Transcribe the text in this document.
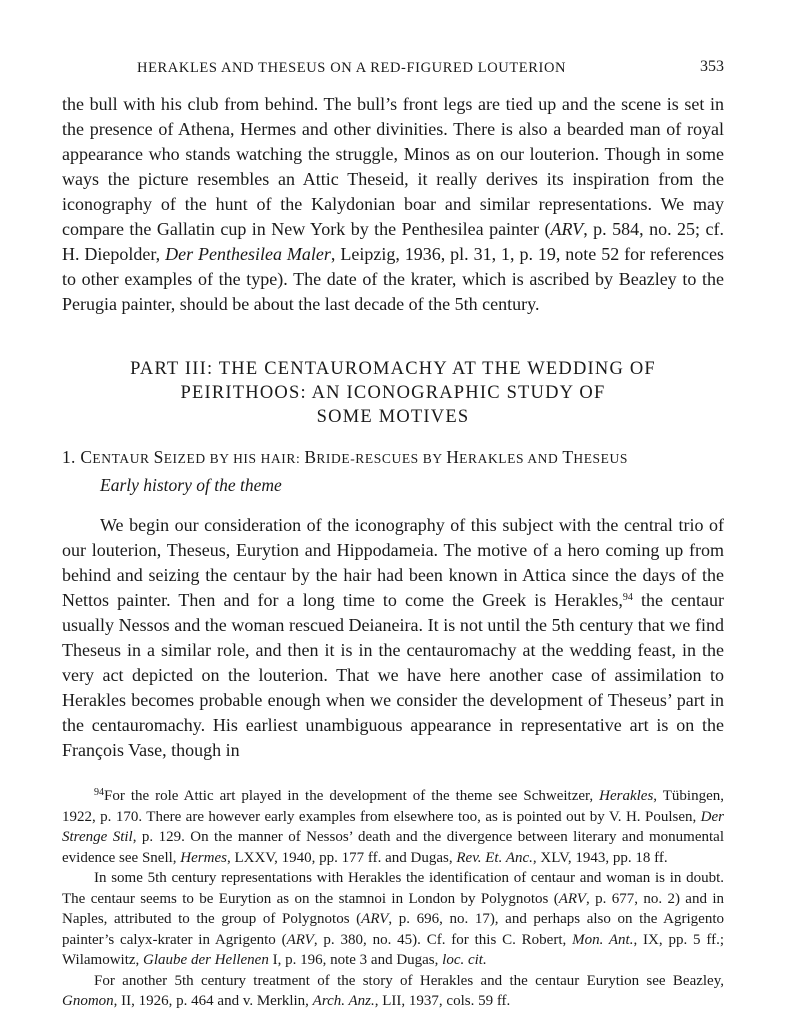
HERAKLES AND THESEUS ON A RED-FIGURED LOUTERION	353

the bull with his club from behind. The bull’s front legs are tied up and the scene is set in the presence of Athena, Hermes and other divinities. There is also a bearded man of royal appearance who stands watching the struggle, Minos as on our louterion. Though in some ways the picture resembles an Attic Theseid, it really derives its inspiration from the iconography of the hunt of the Kalydonian boar and similar representations. We may compare the Gallatin cup in New York by the Penthesilea painter (ARV, p. 584, no. 25; cf. H. Diepolder, Der Penthesilea Maler, Leipzig, 1936, pl. 31, 1, p. 19, note 52 for references to other examples of the type). The date of the krater, which is ascribed by Beazley to the Perugia painter, should be about the last decade of the 5th century.

PART III: THE CENTAUROMACHY AT THE WEDDING OF
PEIRITHOOS: AN ICONOGRAPHIC STUDY OF
SOME MOTIVES
1. CENTAUR SEIZED BY HIS HAIR: BRIDE-RESCUES BY HERAKLES AND THESEUS
Early history of the theme

We begin our consideration of the iconography of this subject with the central trio of our louterion, Theseus, Eurytion and Hippodameia. The motive of a hero coming up from behind and seizing the centaur by the hair had been known in Attica since the days of the Nettos painter. Then and for a long time to come the Greek is Herakles,$^{94}$ the centaur usually Nessos and the woman rescued Deianeira. It is not until the 5th century that we find Theseus in a similar role, and then it is in the centauromachy at the wedding feast, in the very act depicted on the louterion. That we have here another case of assimilation to Herakles becomes probable enough when we consider the development of Theseus’ part in the centauromachy. His earliest unambiguous appearance in representative art is on the François Vase, though in

$^{94}$For the role Attic art played in the development of the theme see Schweitzer, Herakles, Tübingen, 1922, p. 170. There are however early examples from elsewhere too, as is pointed out by V. H. Poulsen, Der Strenge Stil, p. 129. On the manner of Nessos’ death and the divergence between literary and monumental evidence see Snell, Hermes, LXXV, 1940, pp. 177 ff. and Dugas, Rev. Et. Anc., XLV, 1943, pp. 18 ff.

In some 5th century representations with Herakles the identification of centaur and woman is in doubt. The centaur seems to be Eurytion as on the stamnoi in London by Polygnotos (ARV, p. 677, no. 2) and in Naples, attributed to the group of Polygnotos (ARV, p. 696, no. 17), and perhaps also on the Agrigento painter’s calyx-krater in Agrigento (ARV, p. 380, no. 45). Cf. for this C. Robert, Mon. Ant., IX, pp. 5 ff.; Wilamowitz, Glaube der Hellenen I, p. 196, note 3 and Dugas, loc. cit.

For another 5th century treatment of the story of Herakles and the centaur Eurytion see Beazley, Gnomon, II, 1926, p. 464 and v. Merklin, Arch. Anz., LII, 1937, cols. 59 ff.
